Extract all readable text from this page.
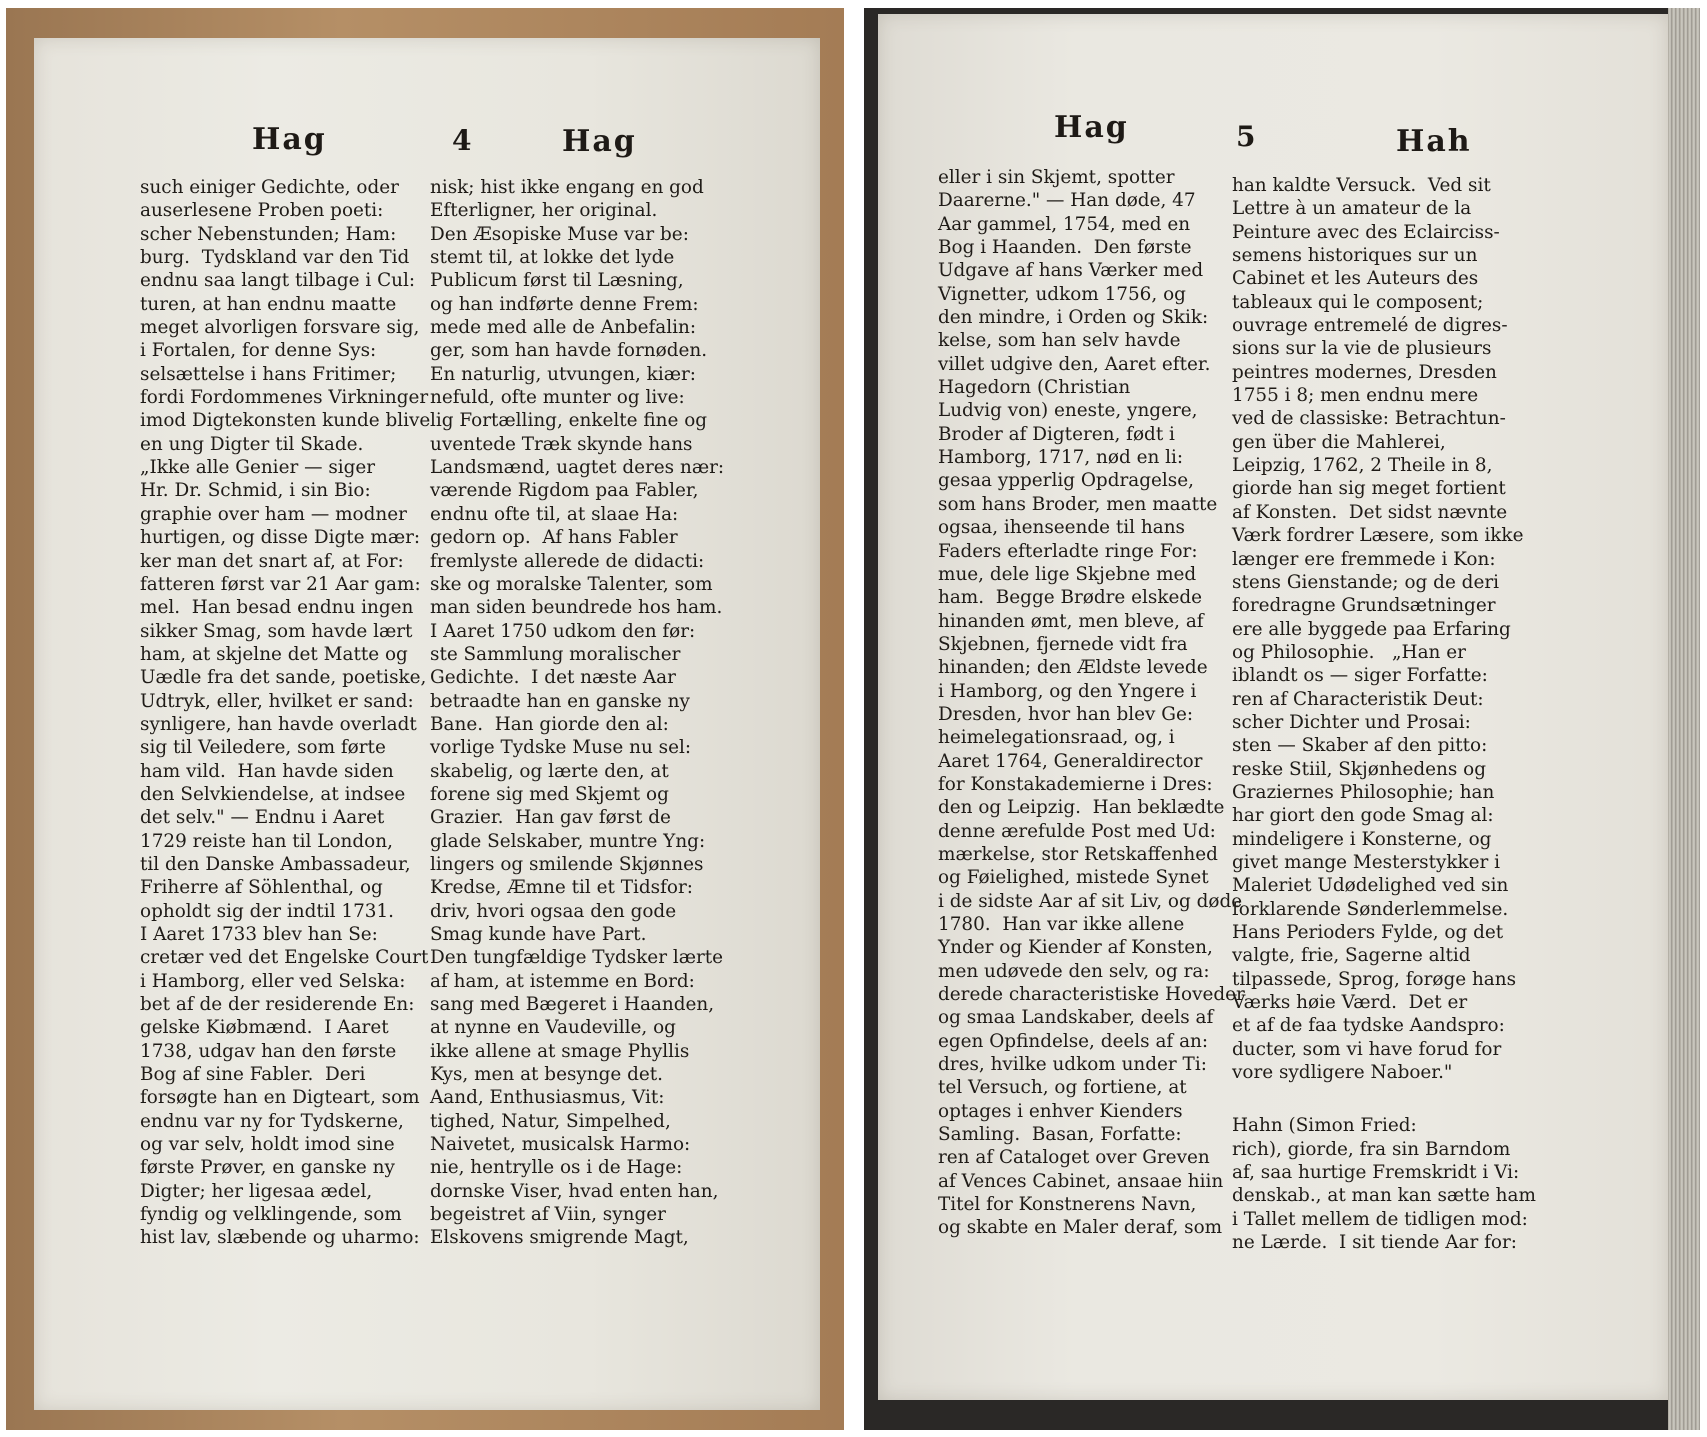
Hag	4	Hag
such einiger Gedichte, oder
auserlesene Proben poeti:
scher Nebenstunden; Ham:
burg.  Tydskland var den Tid
endnu saa langt tilbage i Cul:
turen, at han endnu maatte
meget alvorligen forsvare sig,
i Fortalen, for denne Sys:
selsættelse i hans Fritimer;
fordi Fordommenes Virkninger
imod Digtekonsten kunde blive
en ung Digter til Skade.
„Ikke alle Genier — siger
Hr. Dr. Schmid, i sin Bio:
graphie over ham — modner
hurtigen, og disse Digte mær:
ker man det snart af, at For:
fatteren først var 21 Aar gam:
mel.  Han besad endnu ingen
sikker Smag, som havde lært
ham, at skjelne det Matte og
Uædle fra det sande, poetiske,
Udtryk, eller, hvilket er sand:
synligere, han havde overladt
sig til Veiledere, som førte
ham vild.  Han havde siden
den Selvkiendelse, at indsee
det selv." — Endnu i Aaret
1729 reiste han til London,
til den Danske Ambassadeur,
Friherre af Söhlenthal, og
opholdt sig der indtil 1731.
I Aaret 1733 blev han Se:
cretær ved det Engelske Court
i Hamborg, eller ved Selska:
bet af de der residerende En:
gelske Kiøbmænd.  I Aaret
1738, udgav han den første
Bog af sine Fabler.  Deri
forsøgte han en Digteart, som
endnu var ny for Tydskerne,
og var selv, holdt imod sine
første Prøver, en ganske ny
Digter; her ligesaa ædel,
fyndig og velklingende, som
hist lav, slæbende og uharmo:
nisk; hist ikke engang en god
Efterligner, her original.
Den Æsopiske Muse var be:
stemt til, at lokke det lyde
Publicum først til Læsning,
og han indførte denne Frem:
mede med alle de Anbefalin:
ger, som han havde fornøden.
En naturlig, utvungen, kiær:
nefuld, ofte munter og live:
lig Fortælling, enkelte fine og
uventede Træk skynde hans
Landsmænd, uagtet deres nær:
værende Rigdom paa Fabler,
endnu ofte til, at slaae Ha:
gedorn op.  Af hans Fabler
fremlyste allerede de didacti:
ske og moralske Talenter, som
man siden beundrede hos ham.
I Aaret 1750 udkom den før:
ste Sammlung moralischer
Gedichte.  I det næste Aar
betraadte han en ganske ny
Bane.  Han giorde den al:
vorlige Tydske Muse nu sel:
skabelig, og lærte den, at
forene sig med Skjemt og
Grazier.  Han gav først de
glade Selskaber, muntre Yng:
lingers og smilende Skjønnes
Kredse, Æmne til et Tidsfor:
driv, hvori ogsaa den gode
Smag kunde have Part.
Den tungfældige Tydsker lærte
af ham, at istemme en Bord:
sang med Bægeret i Haanden,
at nynne en Vaudeville, og
ikke allene at smage Phyllis
Kys, men at besynge det.
Aand, Enthusiasmus, Vit:
tighed, Natur, Simpelhed,
Naivetet, musicalsk Harmo:
nie, hentrylle os i de Hage:
dornske Viser, hvad enten han,
begeistret af Viin, synger
Elskovens smigrende Magt,
Hag	5	Hah
eller i sin Skjemt, spotter
Daarerne." — Han døde, 47
Aar gammel, 1754, med en
Bog i Haanden.  Den første
Udgave af hans Værker med
Vignetter, udkom 1756, og
den mindre, i Orden og Skik:
kelse, som han selv havde
villet udgive den, Aaret efter.
Hagedorn (Christian
Ludvig von) eneste, yngere,
Broder af Digteren, født i
Hamborg, 1717, nød en li:
gesaa ypperlig Opdragelse,
som hans Broder, men maatte
ogsaa, ihenseende til hans
Faders efterladte ringe For:
mue, dele lige Skjebne med
ham.  Begge Brødre elskede
hinanden ømt, men bleve, af
Skjebnen, fjernede vidt fra
hinanden; den Ældste levede
i Hamborg, og den Yngere i
Dresden, hvor han blev Ge:
heimelegationsraad, og, i
Aaret 1764, Generaldirector
for Konstakademierne i Dres:
den og Leipzig.  Han beklædte
denne ærefulde Post med Ud:
mærkelse, stor Retskaffenhed
og Føielighed, mistede Synet
i de sidste Aar af sit Liv, og døde
1780.  Han var ikke allene
Ynder og Kiender af Konsten,
men udøvede den selv, og ra:
derede characteristiske Hoveder
og smaa Landskaber, deels af
egen Opfindelse, deels af an:
dres, hvilke udkom under Ti:
tel Versuch, og fortiene, at
optages i enhver Kienders
Samling.  Basan, Forfatte:
ren af Cataloget over Greven
af Vences Cabinet, ansaae hiin
Titel for Konstnerens Navn,
og skabte en Maler deraf, som
han kaldte Versuck.  Ved sit
Lettre à un amateur de la
Peinture avec des Eclairciss-
semens historiques sur un
Cabinet et les Auteurs des
tableaux qui le composent;
ouvrage entremelé de digres-
sions sur la vie de plusieurs
peintres modernes, Dresden
1755 i 8; men endnu mere
ved de classiske: Betrachtun-
gen über die Mahlerei,
Leipzig, 1762, 2 Theile in 8,
giorde han sig meget fortient
af Konsten.  Det sidst nævnte
Værk fordrer Læsere, som ikke
længer ere fremmede i Kon:
stens Gienstande; og de deri
foredragne Grundsætninger
ere alle byggede paa Erfaring
og Philosophie.   „Han er
iblandt os — siger Forfatte:
ren af Characteristik Deut:
scher Dichter und Prosai:
sten — Skaber af den pitto:
reske Stiil, Skjønhedens og
Graziernes Philosophie; han
har giort den gode Smag al:
mindeligere i Konsterne, og
givet mange Mesterstykker i
Maleriet Udødelighed ved sin
forklarende Sønderlemmelse.
Hans Perioders Fylde, og det
valgte, frie, Sagerne altid
tilpassede, Sprog, forøge hans
Værks høie Værd.  Det er
et af de faa tydske Aandspro:
ducter, som vi have forud for
vore sydligere Naboer."
Hahn (Simon Fried:
rich), giorde, fra sin Barndom
af, saa hurtige Fremskridt i Vi:
denskab., at man kan sætte ham
i Tallet mellem de tidligen mod:
ne Lærde.  I sit tiende Aar for:
